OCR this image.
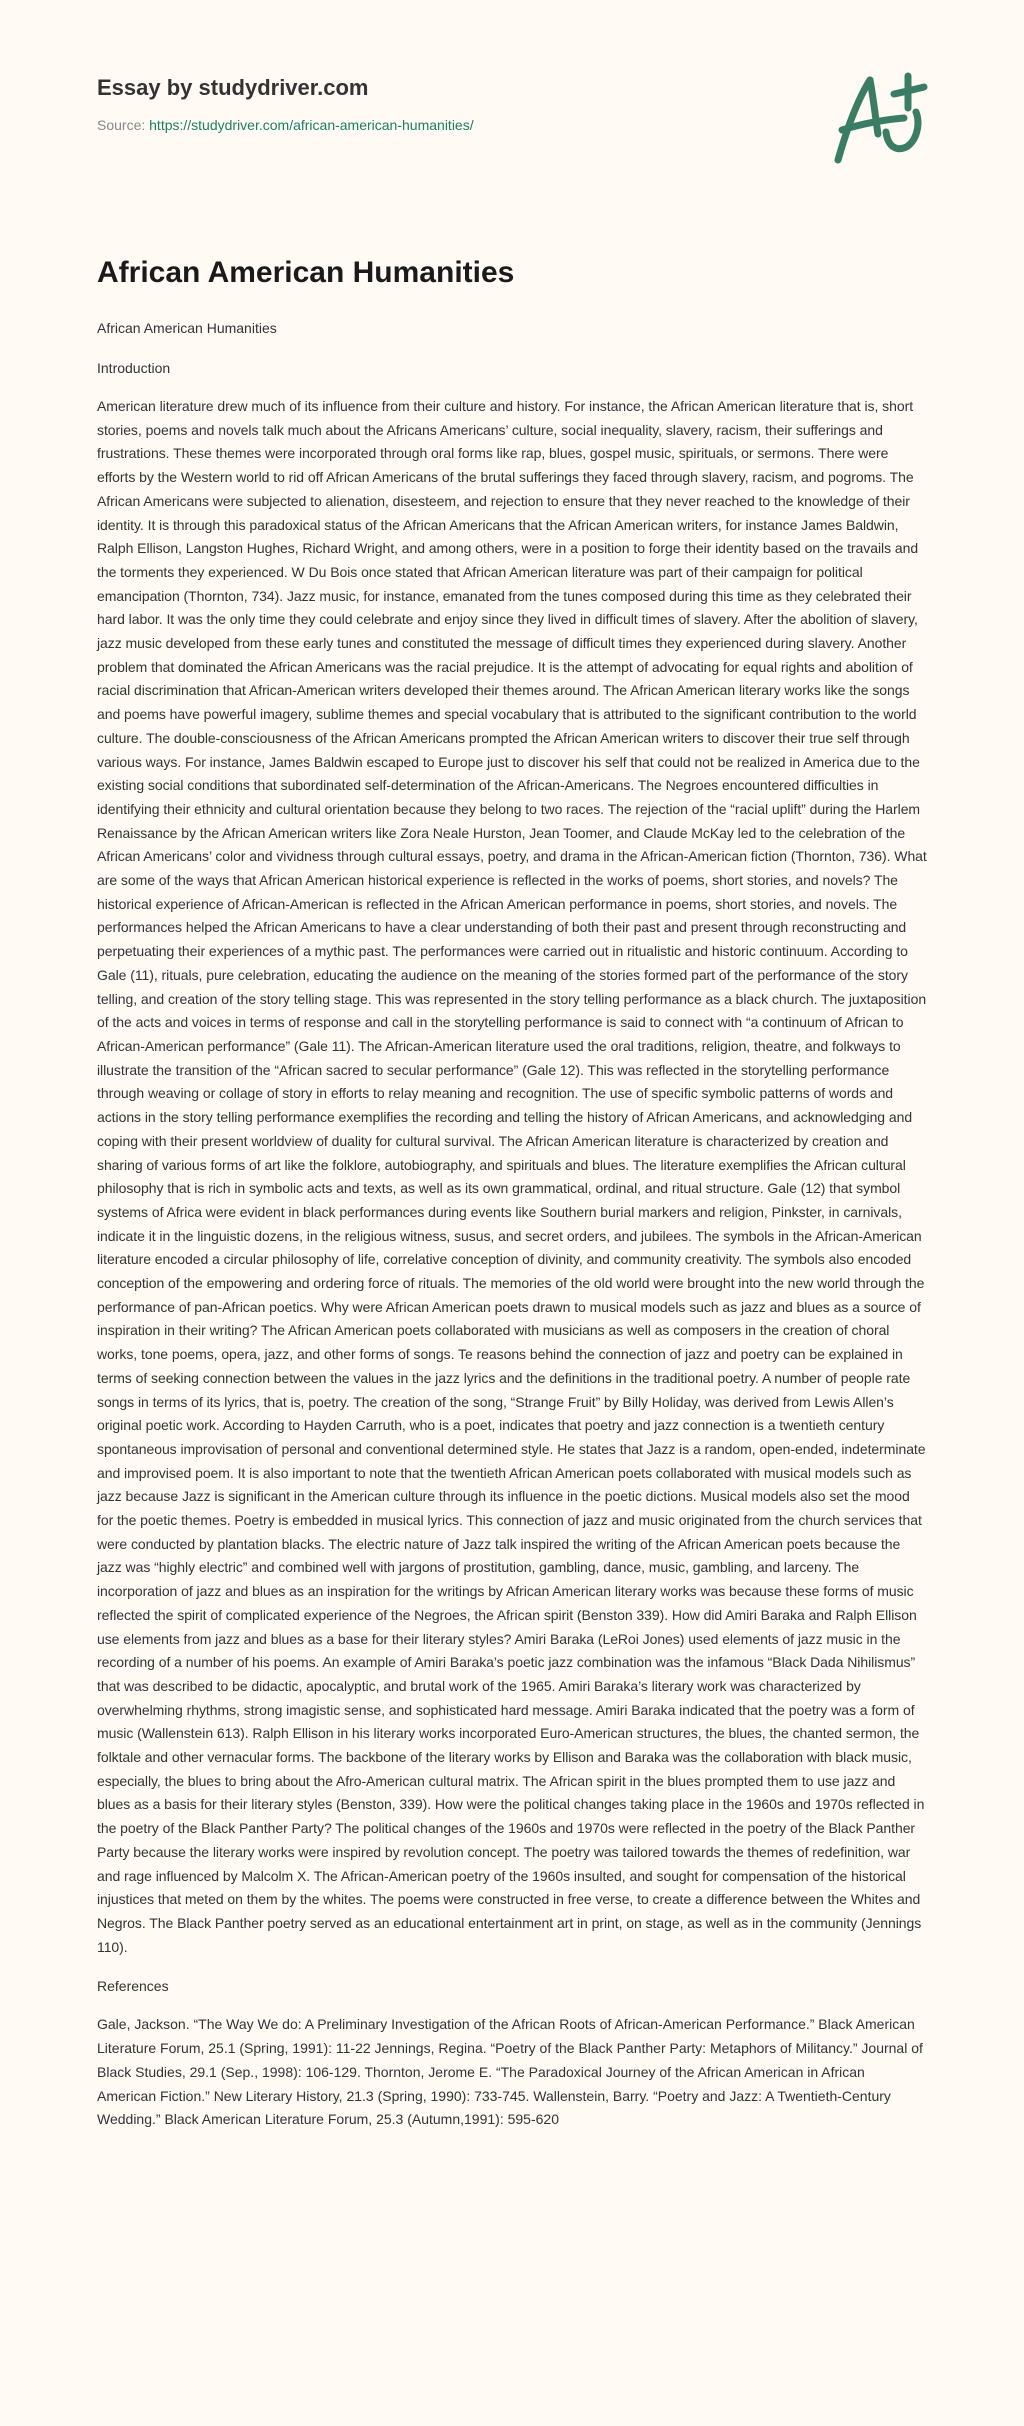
Essay by studydriver.com
Source: https://studydriver.com/african-american-humanities/
African American Humanities
African American Humanities
Introduction

American literature drew much of its influence from their culture and history. For instance, the African American literature that is, short stories, poems and novels talk much about the Africans Americans’ culture, social inequality, slavery, racism, their sufferings and frustrations. These themes were incorporated through oral forms like rap, blues, gospel music, spirituals, or sermons. There were efforts by the Western world to rid off African Americans of the brutal sufferings they faced through slavery, racism, and pogroms. The African Americans were subjected to alienation, disesteem, and rejection to ensure that they never reached to the knowledge of their identity. It is through this paradoxical status of the African Americans that the African American writers, for instance James Baldwin, Ralph Ellison, Langston Hughes, Richard Wright, and among others, were in a position to forge their identity based on the travails and the torments they experienced. W Du Bois once stated that African American literature was part of their campaign for political emancipation (Thornton, 734). Jazz music, for instance, emanated from the tunes composed during this time as they celebrated their hard labor. It was the only time they could celebrate and enjoy since they lived in difficult times of slavery. After the abolition of slavery, jazz music developed from these early tunes and constituted the message of difficult times they experienced during slavery. Another problem that dominated the African Americans was the racial prejudice. It is the attempt of advocating for equal rights and abolition of racial discrimination that African-American writers developed their themes around. The African American literary works like the songs and poems have powerful imagery, sublime themes and special vocabulary that is attributed to the significant contribution to the world culture. The double-consciousness of the African Americans prompted the African American writers to discover their true self through various ways. For instance, James Baldwin escaped to Europe just to discover his self that could not be realized in America due to the existing social conditions that subordinated self-determination of the African-Americans. The Negroes encountered difficulties in identifying their ethnicity and cultural orientation because they belong to two races. The rejection of the “racial uplift” during the Harlem Renaissance by the African American writers like Zora Neale Hurston, Jean Toomer, and Claude McKay led to the celebration of the African Americans’ color and vividness through cultural essays, poetry, and drama in the African-American fiction (Thornton, 736). What are some of the ways that African American historical experience is reflected in the works of poems, short stories, and novels? The historical experience of African-American is reflected in the African American performance in poems, short stories, and novels. The performances helped the African Americans to have a clear understanding of both their past and present through reconstructing and perpetuating their experiences of a mythic past. The performances were carried out in ritualistic and historic continuum. According to Gale (11), rituals, pure celebration, educating the audience on the meaning of the stories formed part of the performance of the story telling, and creation of the story telling stage. This was represented in the story telling performance as a black church. The juxtaposition of the acts and voices in terms of response and call in the storytelling performance is said to connect with “a continuum of African to African-American performance” (Gale 11). The African-American literature used the oral traditions, religion, theatre, and folkways to illustrate the transition of the “African sacred to secular performance” (Gale 12). This was reflected in the storytelling performance through weaving or collage of story in efforts to relay meaning and recognition. The use of specific symbolic patterns of words and actions in the story telling performance exemplifies the recording and telling the history of African Americans, and acknowledging and coping with their present worldview of duality for cultural survival. The African American literature is characterized by creation and sharing of various forms of art like the folklore, autobiography, and spirituals and blues. The literature exemplifies the African cultural philosophy that is rich in symbolic acts and texts, as well as its own grammatical, ordinal, and ritual structure. Gale (12) that symbol systems of Africa were evident in black performances during events like Southern burial markers and religion, Pinkster, in carnivals, indicate it in the linguistic dozens, in the religious witness, susus, and secret orders, and jubilees. The symbols in the African-American literature encoded a circular philosophy of life, correlative conception of divinity, and community creativity. The symbols also encoded conception of the empowering and ordering force of rituals. The memories of the old world were brought into the new world through the performance of pan-African poetics. Why were African American poets drawn to musical models such as jazz and blues as a source of inspiration in their writing? The African American poets collaborated with musicians as well as composers in the creation of choral works, tone poems, opera, jazz, and other forms of songs. Te reasons behind the connection of jazz and poetry can be explained in terms of seeking connection between the values in the jazz lyrics and the definitions in the traditional poetry. A number of people rate songs in terms of its lyrics, that is, poetry. The creation of the song, “Strange Fruit” by Billy Holiday, was derived from Lewis Allen’s original poetic work. According to Hayden Carruth, who is a poet, indicates that poetry and jazz connection is a twentieth century spontaneous improvisation of personal and conventional determined style. He states that Jazz is a random, open-ended, indeterminate and improvised poem. It is also important to note that the twentieth African American poets collaborated with musical models such as jazz because Jazz is significant in the American culture through its influence in the poetic dictions. Musical models also set the mood for the poetic themes. Poetry is embedded in musical lyrics. This connection of jazz and music originated from the church services that were conducted by plantation blacks. The electric nature of Jazz talk inspired the writing of the African American poets because the jazz was “highly electric” and combined well with jargons of prostitution, gambling, dance, music, gambling, and larceny. The incorporation of jazz and blues as an inspiration for the writings by African American literary works was because these forms of music reflected the spirit of complicated experience of the Negroes, the African spirit (Benston 339). How did Amiri Baraka and Ralph Ellison use elements from jazz and blues as a base for their literary styles? Amiri Baraka (LeRoi Jones) used elements of jazz music in the recording of a number of his poems. An example of Amiri Baraka’s poetic jazz combination was the infamous “Black Dada Nihilismus” that was described to be didactic, apocalyptic, and brutal work of the 1965. Amiri Baraka’s literary work was characterized by overwhelming rhythms, strong imagistic sense, and sophisticated hard message. Amiri Baraka indicated that the poetry was a form of music (Wallenstein 613). Ralph Ellison in his literary works incorporated Euro-American structures, the blues, the chanted sermon, the folktale and other vernacular forms. The backbone of the literary works by Ellison and Baraka was the collaboration with black music, especially, the blues to bring about the Afro-American cultural matrix. The African spirit in the blues prompted them to use jazz and blues as a basis for their literary styles (Benston, 339). How were the political changes taking place in the 1960s and 1970s reflected in the poetry of the Black Panther Party? The political changes of the 1960s and 1970s were reflected in the poetry of the Black Panther Party because the literary works were inspired by revolution concept. The poetry was tailored towards the themes of redefinition, war and rage influenced by Malcolm X. The African-American poetry of the 1960s insulted, and sought for compensation of the historical injustices that meted on them by the whites. The poems were constructed in free verse, to create a difference between the Whites and Negros. The Black Panther poetry served as an educational entertainment art in print, on stage, as well as in the community (Jennings 110).

References

Gale, Jackson. “The Way We do: A Preliminary Investigation of the African Roots of African-American Performance.” Black American Literature Forum, 25.1 (Spring, 1991): 11-22 Jennings, Regina. “Poetry of the Black Panther Party: Metaphors of Militancy.” Journal of Black Studies, 29.1 (Sep., 1998): 106-129. Thornton, Jerome E. “The Paradoxical Journey of the African American in African American Fiction.” New Literary History, 21.3 (Spring, 1990): 733-745. Wallenstein, Barry. “Poetry and Jazz: A Twentieth-Century Wedding.” Black American Literature Forum, 25.3 (Autumn,1991): 595-620
